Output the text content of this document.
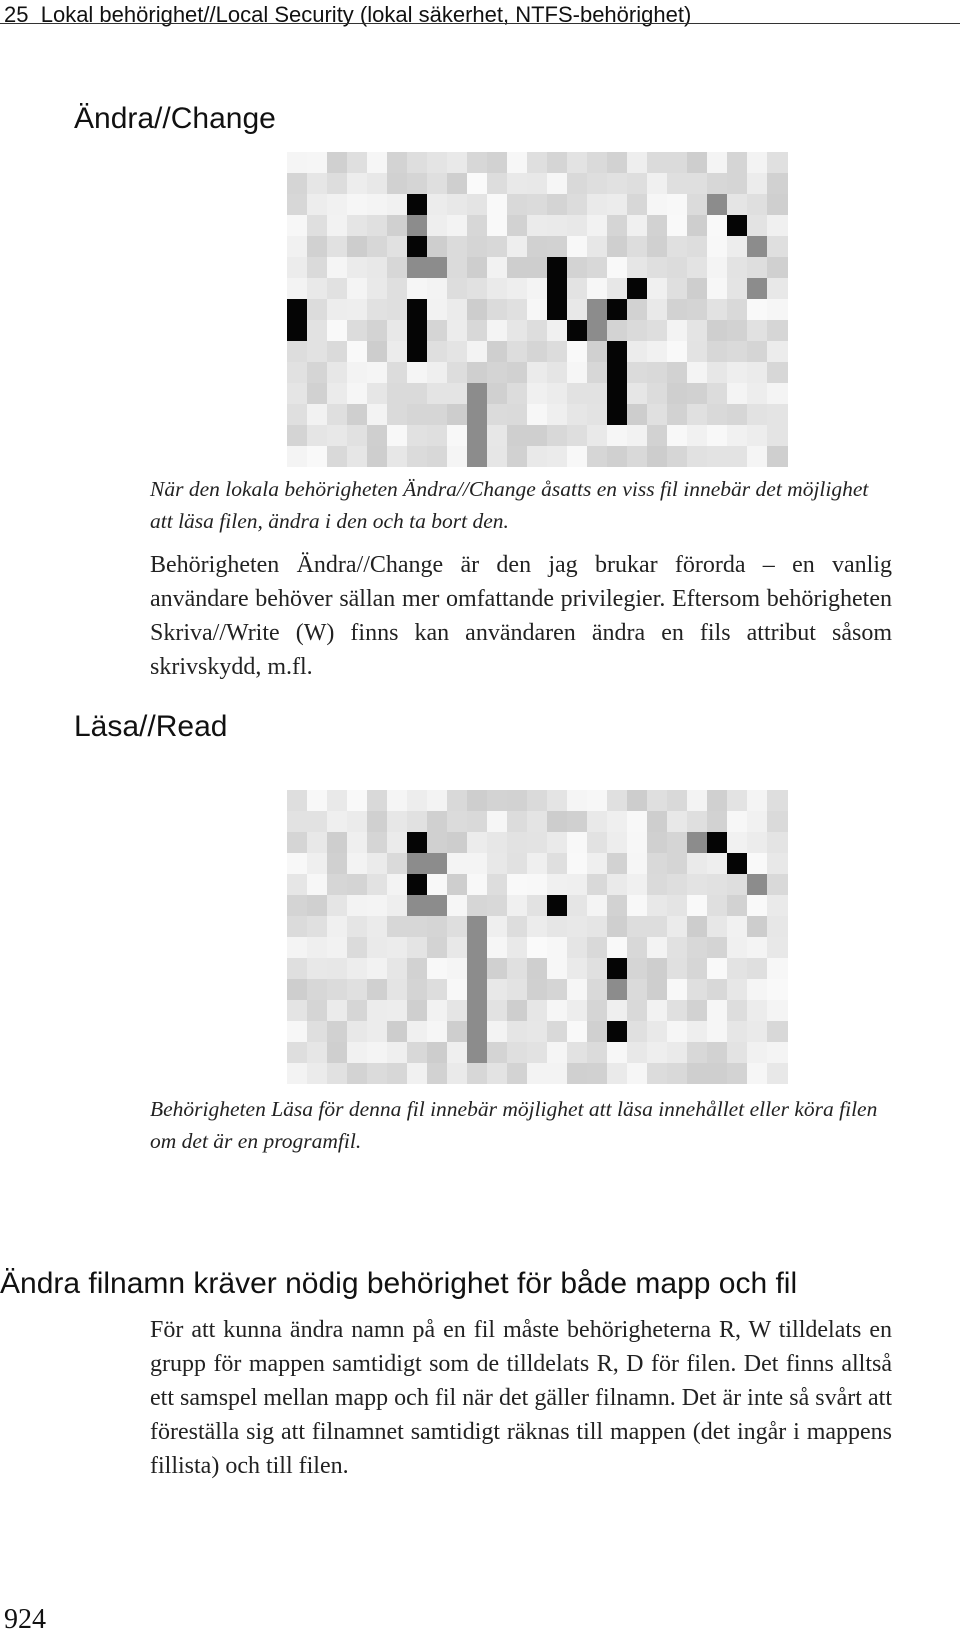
25 Lokal behörighet//Local Security (lokal säkerhet, NTFS-behörighet)
Ändra//Change

När den lokala behörigheten Ändra//Change åsatts en viss fil innebär det möjlighet att läsa filen, ändra i den och ta bort den.

Behörigheten Ändra//Change är den jag brukar förorda – en vanlig användare behöver sällan mer omfattande privilegier. Eftersom behörigheten Skriva//Write (W) finns kan användaren ändra en fils attribut såsom skrivskydd, m.fl.

Läsa//Read

Behörigheten Läsa för denna fil innebär möjlighet att läsa innehållet eller köra filen om det är en programfil.

Ändra filnamn kräver nödig behörighet för både mapp och fil

För att kunna ändra namn på en fil måste behörigheterna R, W tilldelats en grupp för mappen samtidigt som de tilldelats R, D för filen. Det finns alltså ett samspel mellan mapp och fil när det gäller filnamn. Det är inte så svårt att föreställa sig att filnamnet samtidigt räknas till mappen (det ingår i mappens fillista) och till filen.

924
